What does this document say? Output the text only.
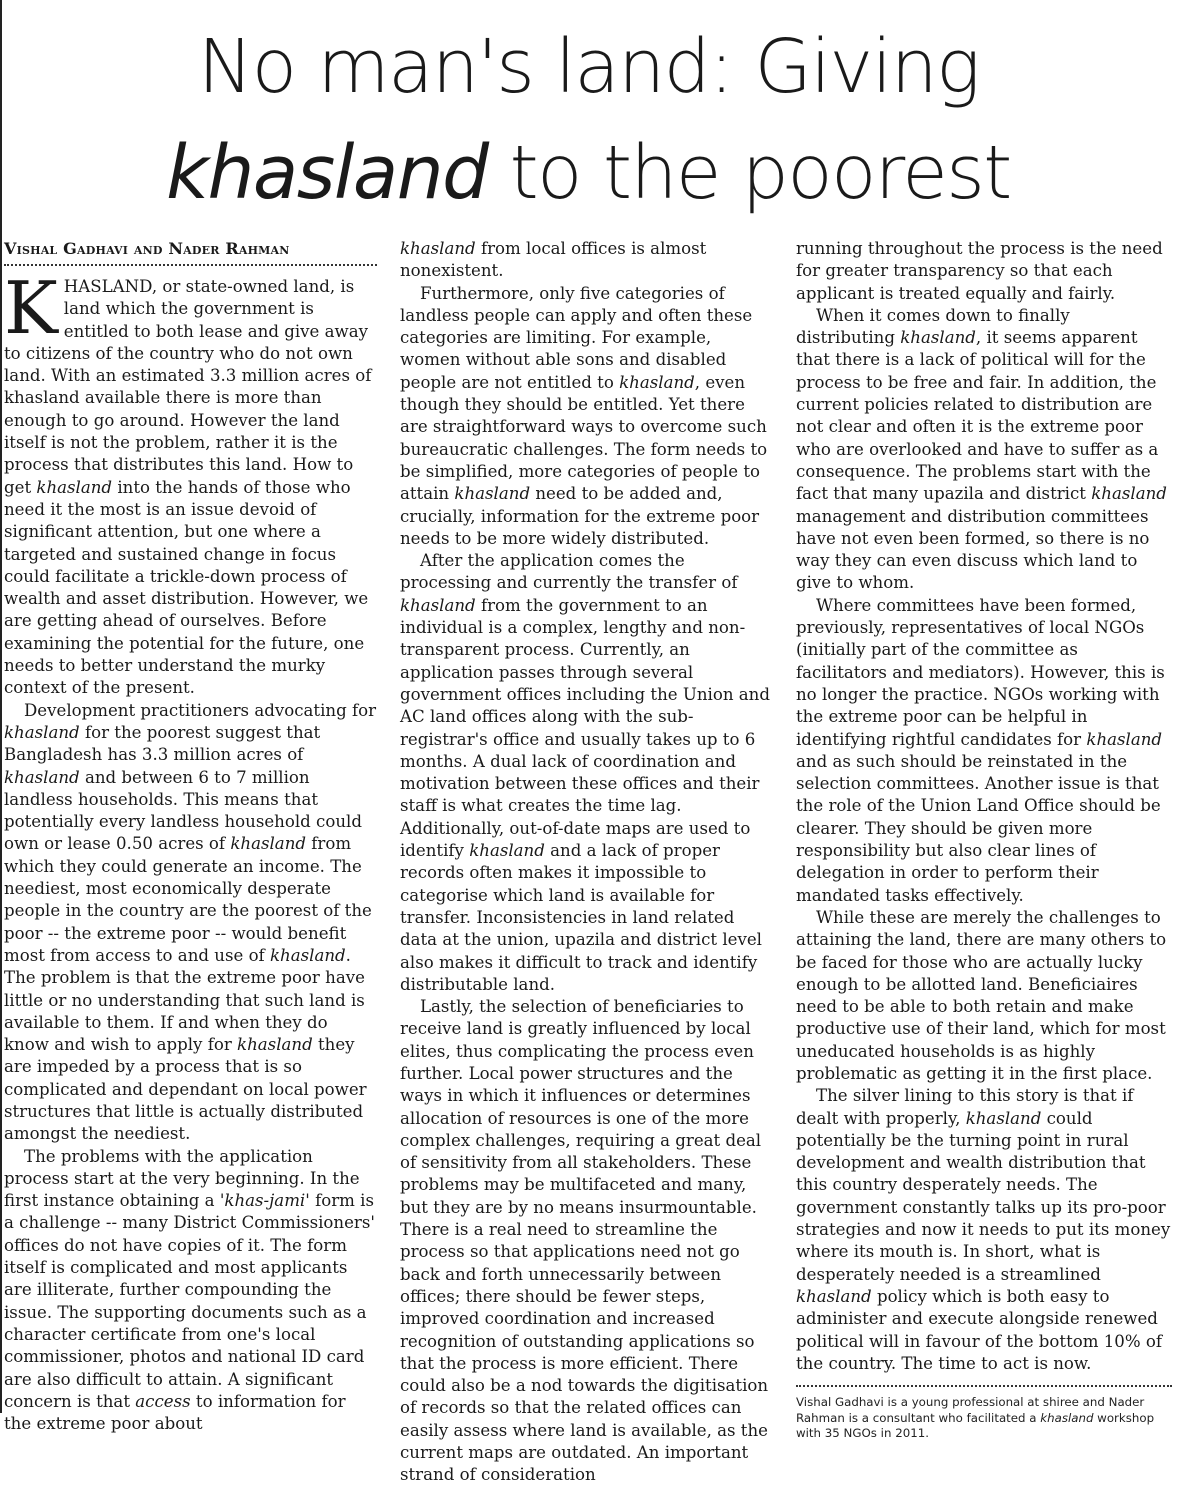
No man's land: Giving
khasland to the poorest

Vishal Gadhavi and Nader Rahman

KHASLAND, or state-owned land, is land which the government is entitled to both lease and give away to citizens of the country who do not own land. With an estimated 3.3 million acres of khasland available there is more than enough to go around. However the land itself is not the problem, rather it is the process that distributes this land. How to get khasland into the hands of those who need it the most is an issue devoid of significant attention, but one where a targeted and sustained change in focus could facilitate a trickle-down process of wealth and asset distribution. However, we are getting ahead of ourselves. Before examining the potential for the future, one needs to better understand the murky context of the present.

Development practitioners advocating for khasland for the poorest suggest that Bangladesh has 3.3 million acres of khasland and between 6 to 7 million landless households. This means that potentially every landless household could own or lease 0.50 acres of khasland from which they could generate an income. The neediest, most economically desperate people in the country are the poorest of the poor -- the extreme poor -- would benefit most from access to and use of khasland. The problem is that the extreme poor have little or no understanding that such land is available to them. If and when they do know and wish to apply for khasland they are impeded by a process that is so complicated and dependant on local power structures that little is actually distributed amongst the neediest.

The problems with the application process start at the very beginning. In the first instance obtaining a 'khas-jami' form is a challenge -- many District Commissioners' offices do not have copies of it. The form itself is complicated and most applicants are illiterate, further compounding the issue. The supporting documents such as a character certificate from one's local commissioner, photos and national ID card are also difficult to attain. A significant concern is that access to information for the extreme poor about

khasland from local offices is almost nonexistent.

Furthermore, only five categories of landless people can apply and often these categories are limiting. For example, women without able sons and disabled people are not entitled to khasland, even though they should be entitled. Yet there are straightforward ways to overcome such bureaucratic challenges. The form needs to be simplified, more categories of people to attain khasland need to be added and, crucially, information for the extreme poor needs to be more widely distributed.

After the application comes the processing and currently the transfer of khasland from the government to an individual is a complex, lengthy and non-transparent process. Currently, an application passes through several government offices including the Union and AC land offices along with the sub-registrar's office and usually takes up to 6 months. A dual lack of coordination and motivation between these offices and their staff is what creates the time lag. Additionally, out-of-date maps are used to identify khasland and a lack of proper records often makes it impossible to categorise which land is available for transfer. Inconsistencies in land related data at the union, upazila and district level also makes it difficult to track and identify distributable land.

Lastly, the selection of beneficiaries to receive land is greatly influenced by local elites, thus complicating the process even further. Local power structures and the ways in which it influences or determines allocation of resources is one of the more complex challenges, requiring a great deal of sensitivity from all stakeholders. These problems may be multifaceted and many, but they are by no means insurmountable. There is a real need to streamline the process so that applications need not go back and forth unnecessarily between offices; there should be fewer steps, improved coordination and increased recognition of outstanding applications so that the process is more efficient. There could also be a nod towards the digitisation of records so that the related offices can easily assess where land is available, as the current maps are outdated. An important strand of consideration

running throughout the process is the need for greater transparency so that each applicant is treated equally and fairly.

When it comes down to finally distributing khasland, it seems apparent that there is a lack of political will for the process to be free and fair. In addition, the current policies related to distribution are not clear and often it is the extreme poor who are overlooked and have to suffer as a consequence. The problems start with the fact that many upazila and district khasland management and distribution committees have not even been formed, so there is no way they can even discuss which land to give to whom.

Where committees have been formed, previously, representatives of local NGOs (initially part of the committee as facilitators and mediators). However, this is no longer the practice. NGOs working with the extreme poor can be helpful in identifying rightful candidates for khasland and as such should be reinstated in the selection committees. Another issue is that the role of the Union Land Office should be clearer. They should be given more responsibility but also clear lines of delegation in order to perform their mandated tasks effectively.

While these are merely the challenges to attaining the land, there are many others to be faced for those who are actually lucky enough to be allotted land. Beneficiaires need to be able to both retain and make productive use of their land, which for most uneducated households is as highly problematic as getting it in the first place.

The silver lining to this story is that if dealt with properly, khasland could potentially be the turning point in rural development and wealth distribution that this country desperately needs. The government constantly talks up its pro-poor strategies and now it needs to put its money where its mouth is. In short, what is desperately needed is a streamlined khasland policy which is both easy to administer and execute alongside renewed political will in favour of the bottom 10% of the country. The time to act is now.

Vishal Gadhavi is a young professional at shiree and Nader Rahman is a consultant who facilitated a khasland workshop with 35 NGOs in 2011.
